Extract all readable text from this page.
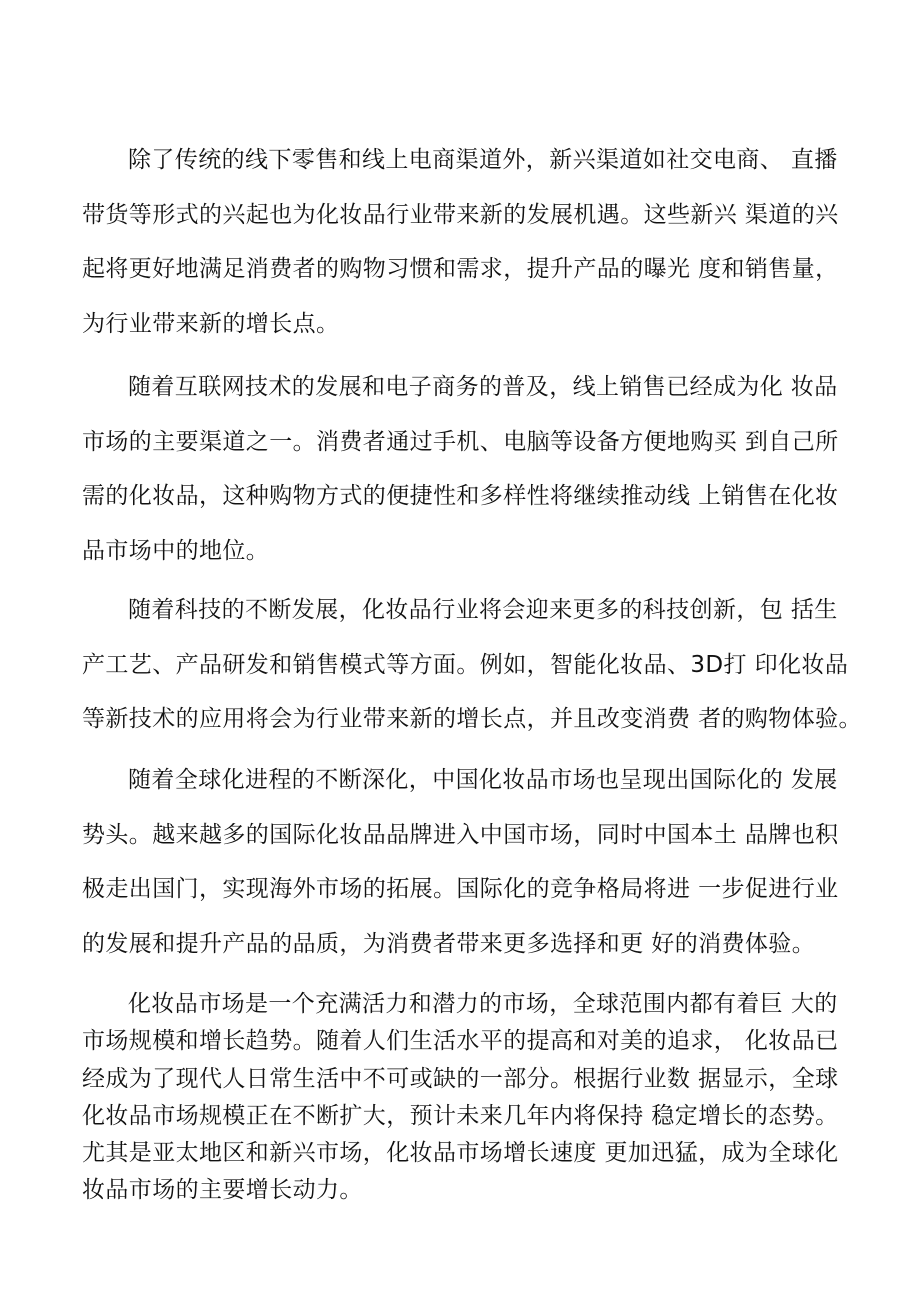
除了传统的线下零售和线上电商渠道外，新兴渠道如社交电商、 直播
带货等形式的兴起也为化妆品行业带来新的发展机遇。这些新兴 渠道的兴
起将更好地满足消费者的购物习惯和需求，提升产品的曝光 度和销售量，
为行业带来新的增长点。
随着互联网技术的发展和电子商务的普及，线上销售已经成为化 妆品
市场的主要渠道之一。消费者通过手机、电脑等设备方便地购买 到自己所
需的化妆品，这种购物方式的便捷性和多样性将继续推动线 上销售在化妆
品市场中的地位。
随着科技的不断发展，化妆品行业将会迎来更多的科技创新，包 括生
产工艺、产品研发和销售模式等方面。例如，智能化妆品、3D打 印化妆品
等新技术的应用将会为行业带来新的增长点，并且改变消费 者的购物体验。
随着全球化进程的不断深化，中国化妆品市场也呈现出国际化的 发展
势头。越来越多的国际化妆品品牌进入中国市场，同时中国本土 品牌也积
极走出国门，实现海外市场的拓展。国际化的竞争格局将进 一步促进行业
的发展和提升产品的品质，为消费者带来更多选择和更 好的消费体验。
化妆品市场是一个充满活力和潜力的市场，全球范围内都有着巨 大的
市场规模和增长趋势。随着人们生活水平的提高和对美的追求， 化妆品已
经成为了现代人日常生活中不可或缺的一部分。根据行业数 据显示，全球
化妆品市场规模正在不断扩大，预计未来几年内将保持 稳定增长的态势。
尤其是亚太地区和新兴市场，化妆品市场增长速度 更加迅猛，成为全球化
妆品市场的主要增长动力。
